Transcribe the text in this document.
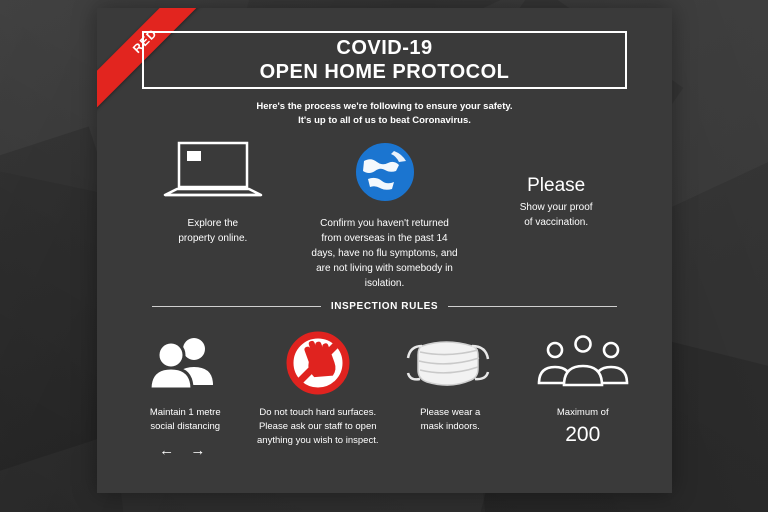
RED	COVID-19
OPEN HOME PROTOCOL
Here's the process we're following to ensure your safety.
It's up to all of us to beat Coronavirus.
Explore the
property online.
Confirm you haven't returned from overseas in the past 14 days, have no flu symptoms, and are not living with somebody in isolation.
Please
Show your proof
of vaccination.
INSPECTION RULES
Maintain 1 metre
social distancing
← →
Do not touch hard surfaces.
Please ask our staff to open
anything you wish to inspect.
Please wear a
mask indoors.
Maximum of
200
